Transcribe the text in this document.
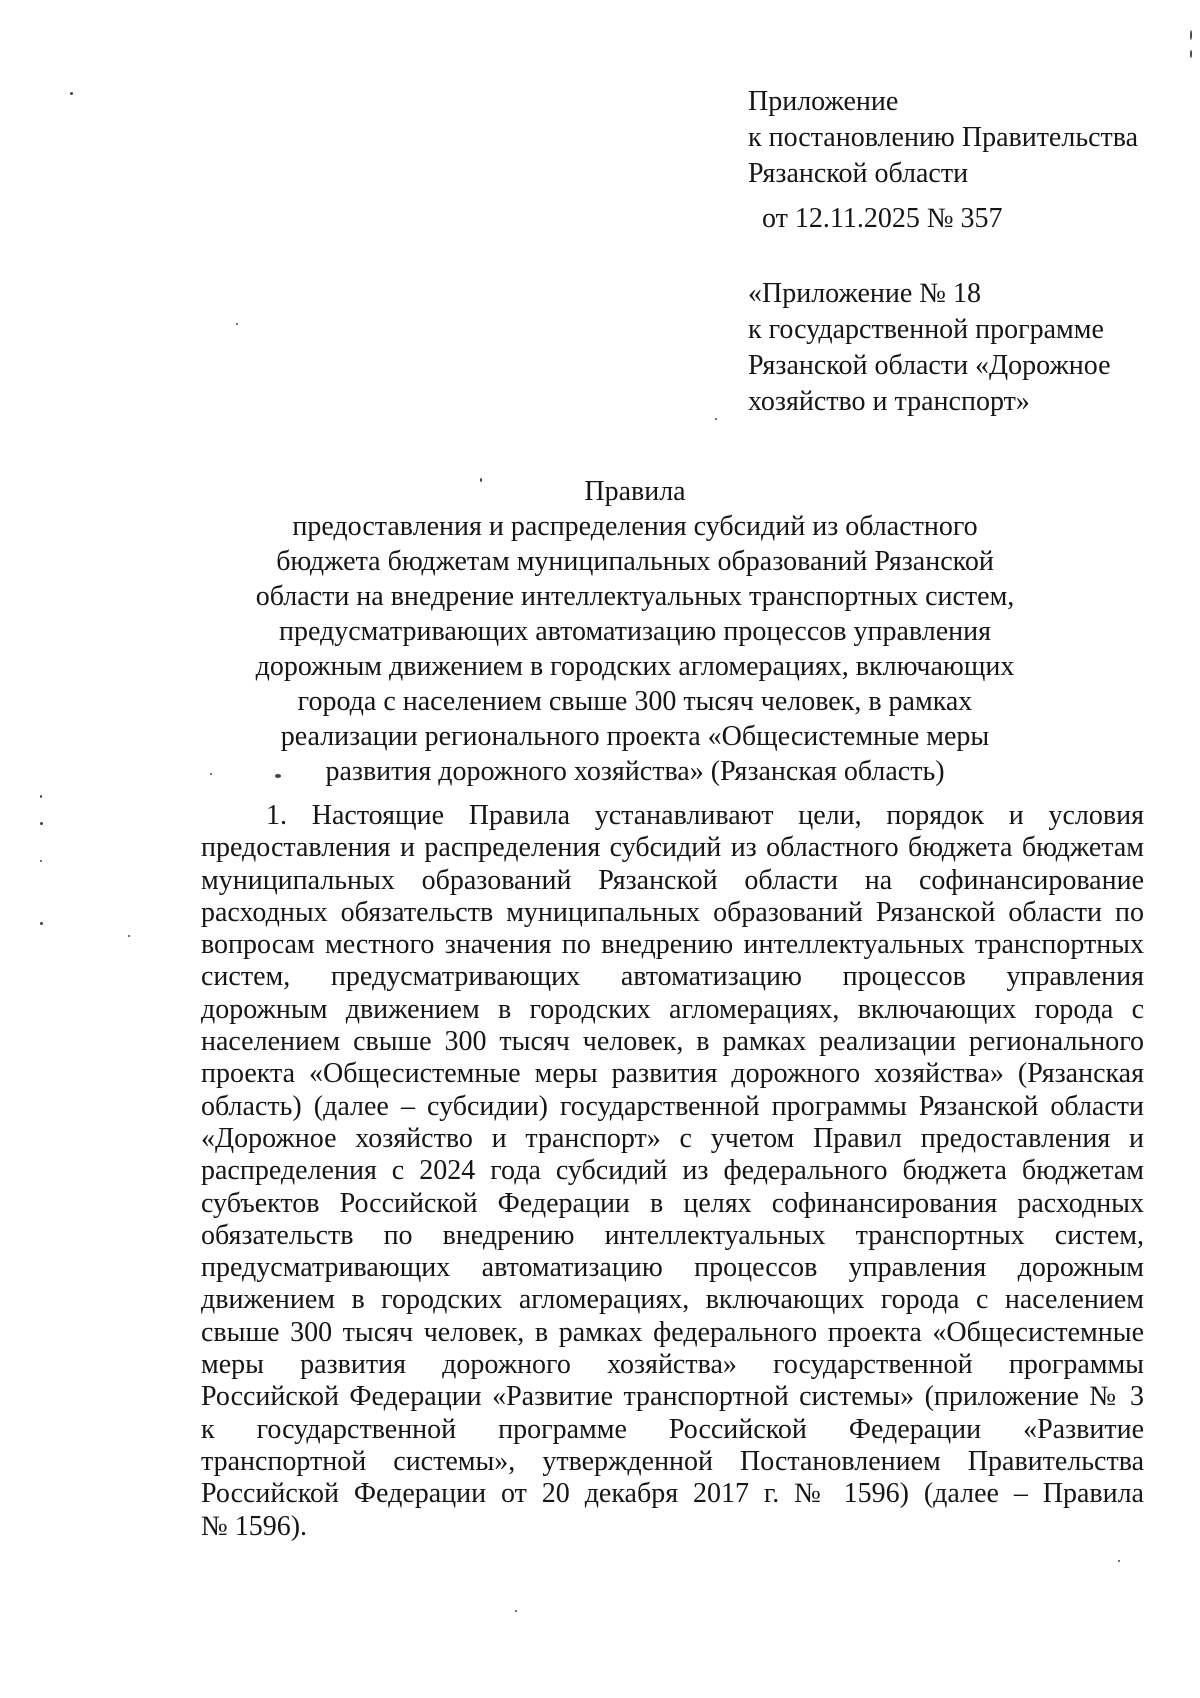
Приложение
к постановлению Правительства
Рязанской области
от 12.11.2025 № 357
«Приложение № 18
к государственной программе
Рязанской области «Дорожное
хозяйство и транспорт»
Правила
предоставления и распределения субсидий из областного
бюджета бюджетам муниципальных образований Рязанской
области на внедрение интеллектуальных транспортных систем,
предусматривающих автоматизацию процессов управления
дорожным движением в городских агломерациях, включающих
города с населением свыше 300 тысяч человек, в рамках
реализации регионального проекта «Общесистемные меры
развития дорожного хозяйства» (Рязанская область)
1. Настоящие Правила устанавливают цели, порядок и условия
предоставления и распределения субсидий из областного бюджета бюджетам
муниципальных образований Рязанской области на софинансирование
расходных обязательств муниципальных образований Рязанской области по
вопросам местного значения по внедрению интеллектуальных транспортных
систем, предусматривающих автоматизацию процессов управления
дорожным движением в городских агломерациях, включающих города с
населением свыше 300 тысяч человек, в рамках реализации регионального
проекта «Общесистемные меры развития дорожного хозяйства» (Рязанская
область) (далее – субсидии) государственной программы Рязанской области
«Дорожное хозяйство и транспорт» с учетом Правил предоставления и
распределения с 2024 года субсидий из федерального бюджета бюджетам
субъектов Российской Федерации в целях софинансирования расходных
обязательств по внедрению интеллектуальных транспортных систем,
предусматривающих автоматизацию процессов управления дорожным
движением в городских агломерациях, включающих города с населением
свыше 300 тысяч человек, в рамках федерального проекта «Общесистемные
меры развития дорожного хозяйства» государственной программы
Российской Федерации «Развитие транспортной системы» (приложение № 3
к государственной программе Российской Федерации «Развитие
транспортной системы», утвержденной Постановлением Правительства
Российской Федерации от 20 декабря 2017 г. № 1596) (далее – Правила
№ 1596).
